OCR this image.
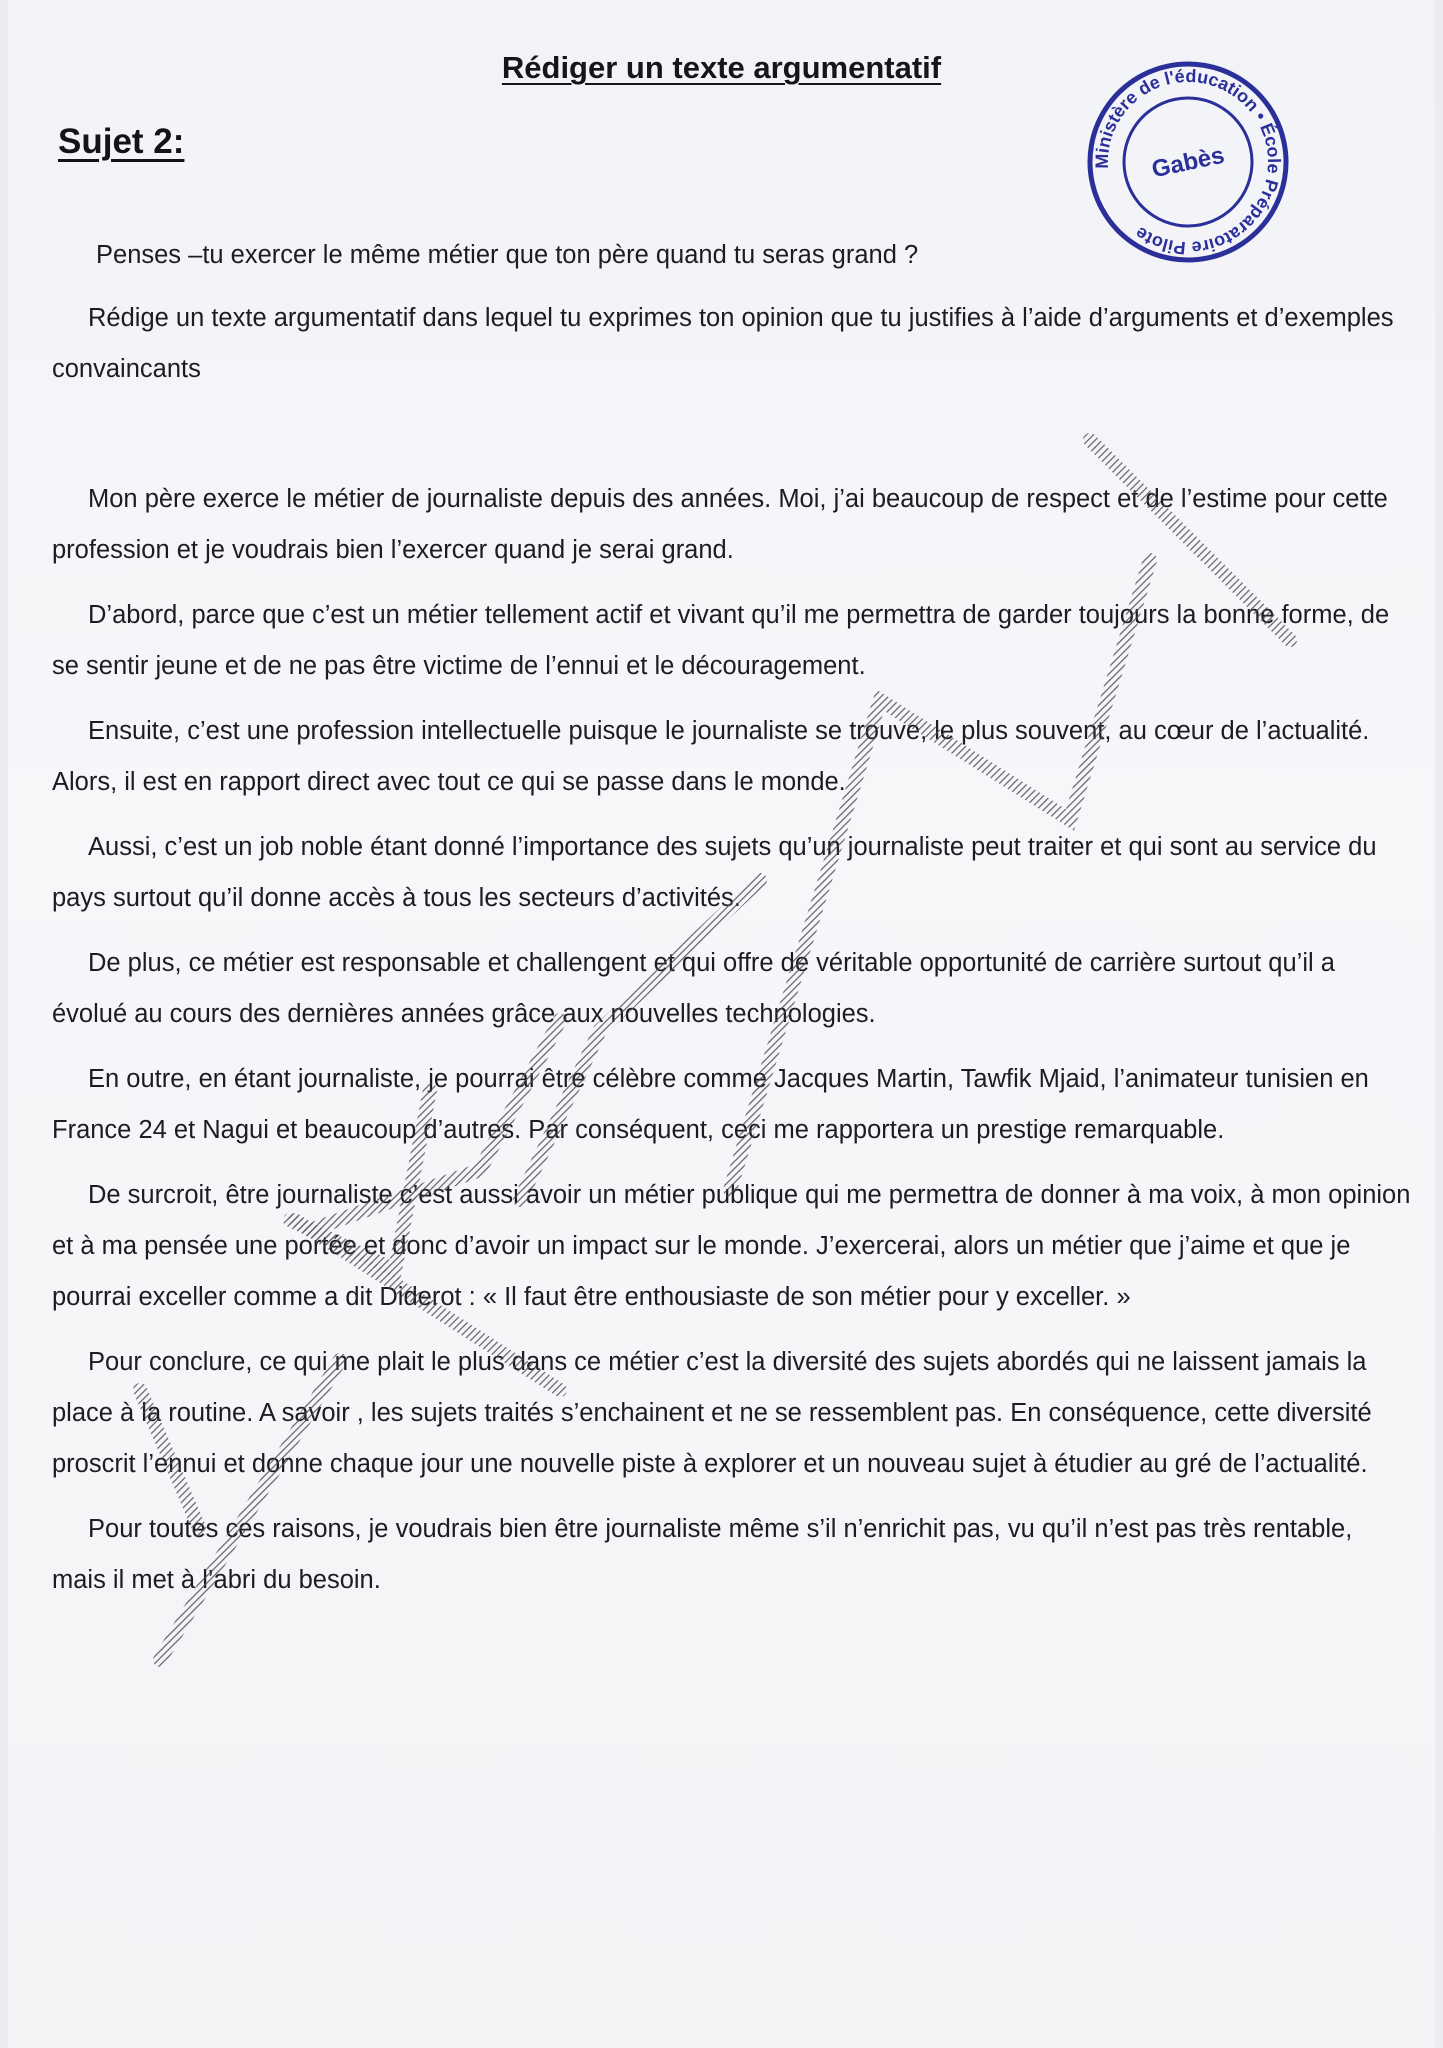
Rédiger un texte argumentatif
Sujet 2:
Ministère de l'éducation • École Préparatoire Pilote
Gabès

Penses –tu exercer le même métier que ton père quand tu seras grand ?

Rédige un texte argumentatif dans lequel tu exprimes ton opinion que tu justifies à l’aide d’arguments et d’exemples convaincants

Mon père exerce le métier de journaliste depuis des années. Moi, j’ai beaucoup de respect et de l’estime pour cette profession et je voudrais bien l’exercer quand je serai grand.

D’abord, parce que c’est un métier tellement actif et vivant qu’il me permettra de garder toujours la bonne forme, de se sentir jeune et de ne pas être victime de l’ennui et le découragement.

Ensuite, c’est une profession intellectuelle puisque le journaliste se trouve, le plus souvent, au cœur de l’actualité. Alors, il est en rapport direct avec tout ce qui se passe dans le monde.

Aussi, c’est un job noble étant donné l’importance des sujets qu’un journaliste peut traiter et qui sont au service du pays surtout qu’il donne accès à tous les secteurs d’activités.

De plus, ce métier est responsable et challengent et qui offre de véritable opportunité de carrière surtout qu’il a évolué au cours des dernières années grâce aux nouvelles technologies.

En outre, en étant journaliste, je pourrai être célèbre comme Jacques Martin, Tawfik Mjaid, l’animateur tunisien en France 24 et Nagui et beaucoup d’autres. Par conséquent, ceci me rapportera un prestige remarquable.

De surcroit, être journaliste c’est aussi avoir un métier publique qui me permettra de donner à ma voix, à mon opinion et à ma pensée une portée et donc d’avoir un impact sur le monde. J’exercerai, alors un métier que j’aime et que je pourrai exceller comme a dit Diderot : « Il faut être enthousiaste de son métier pour y exceller. »

Pour conclure, ce qui me plait le plus dans ce métier c’est la diversité des sujets abordés qui ne laissent jamais la place à la routine. A savoir , les sujets traités s’enchainent et ne se ressemblent pas. En conséquence, cette diversité proscrit l’ennui et donne chaque jour une nouvelle piste à explorer et un nouveau sujet à étudier au gré de l’actualité.

Pour toutes ces raisons, je voudrais bien être journaliste même s’il n’enrichit pas, vu qu’il n’est pas très rentable, mais il met à l’abri du besoin.
